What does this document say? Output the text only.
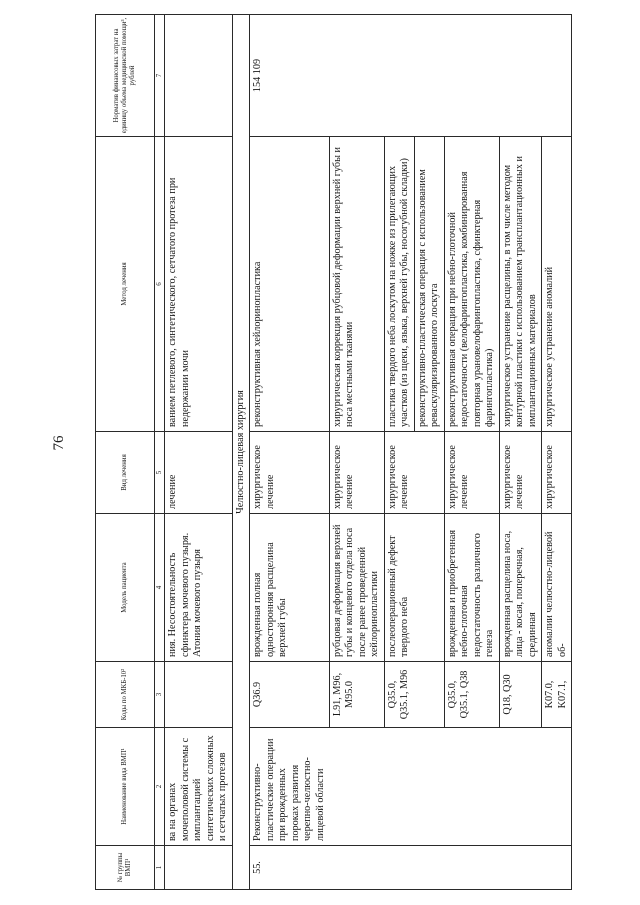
76
№ группы ВМП¹	Наименование вида ВМП¹	Коды по МКБ-10²	Модель пациента	Вид лечения	Метод лечения	Норматив финансовых затрат на единицу объема медицинской помощи³, рублей
1	2	3	4	5	6	7
	ва на органах мочеполовой системы с имплантацией синтетических сложных и сетчатых протезов		ния. Несостоятельность сфинктера мочевого пузыря. Атония мочевого пузыря	лечение	ванием петлевого, синтетического, сетчатого протеза при недержании мочи	
Челюстно-лицевая хирургия						
55.	Реконструктивно-пластические операции при врожденных пороках развития черепно-челюстно-лицевой области	Q36.9	врожденная полная односторонняя расщелина верхней губы	хирургическое лечение	реконструктивная хейлоринопластика	154 109
		L91, M96, M95.0	рубцовая деформация верхней губы и концевого отдела носа после ранее проведенной хейлоринопластики	хирургическое лечение	хирургическая коррекция рубцовой деформации верхней губы и носа местными тканями	
		Q35.0, Q35.1, M96	послеоперационный дефект твердого неба	хирургическое лечение	пластика твердого неба лоскутом на ножке из прилегающих участков (из щеки, языка, верхней губы, носогубной складки)	
					реконструктивно-пластическая операция с использованием реваскуляризированного лоскута	
		Q35.0, Q35.1, Q38	врожденная и приобретенная небно-глоточная недостаточность различного генеза	хирургическое лечение	реконструктивная операция при небно-глоточной недостаточности (велофарингопластика, комбинированная повторная урановелофарингопластика, сфинктерная фарингопластика)	
		Q18, Q30	врожденная расщелина носа, лица - косая, поперечная, срединная	хирургическое лечение	хирургическое устранение расщелины, в том числе методом контурной пластики с использованием трансплантационных и имплантационных материалов	
		K07.0, K07.1,	аномалии челюстно-лицевой об-	хирургическое	хирургическое устранение аномалий	
